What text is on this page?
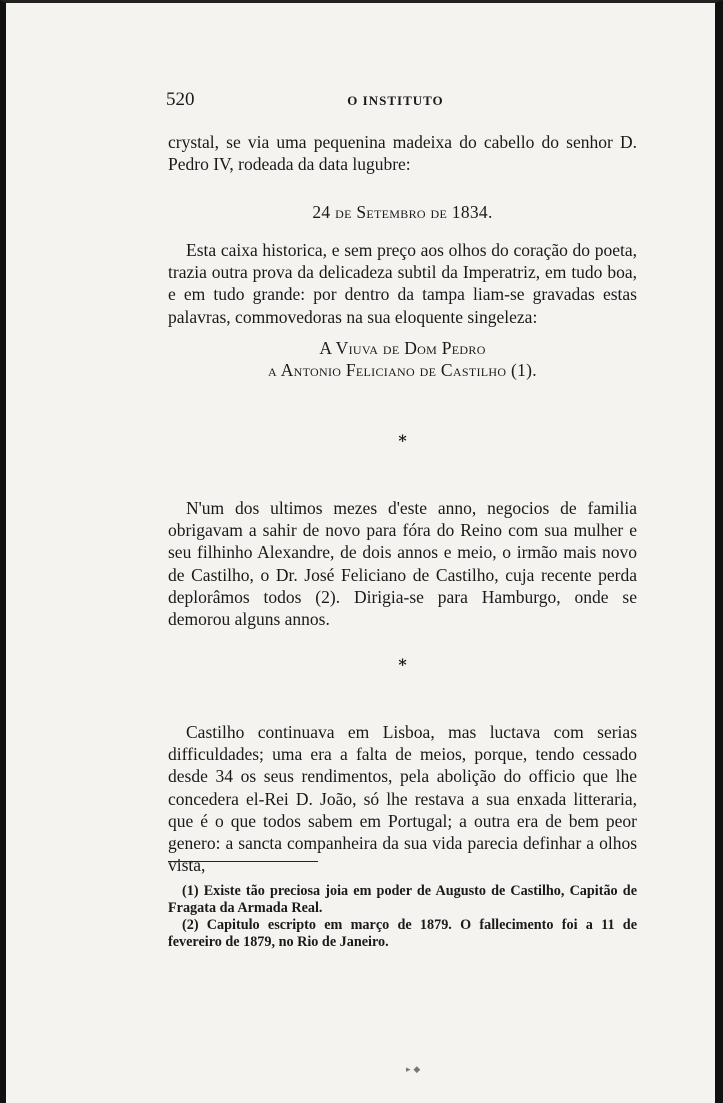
520	O INSTITUTO
crystal, se via uma pequenina madeixa do cabello do senhor D. Pedro IV, rodeada da data lugubre:
24 de Setembro de 1834.
Esta caixa historica, e sem preço aos olhos do coração do poeta, trazia outra prova da delicadeza subtil da Imperatriz, em tudo boa, e em tudo grande: por dentro da tampa liam-se gravadas estas palavras, commovedoras na sua eloquente singeleza:
A Viuva de Dom Pedro
a Antonio Feliciano de Castilho (1).
*
N'um dos ultimos mezes d'este anno, negocios de familia obrigavam a sahir de novo para fóra do Reino com sua mulher e seu filhinho Alexandre, de dois annos e meio, o irmão mais novo de Castilho, o Dr. José Feliciano de Castilho, cuja recente perda deplorâmos todos (2). Dirigia-se para Hamburgo, onde se demorou alguns annos.
*
Castilho continuava em Lisboa, mas luctava com serias difficuldades; uma era a falta de meios, porque, tendo cessado desde 34 os seus rendimentos, pela abolição do officio que lhe concedera el-Rei D. João, só lhe restava a sua enxada litteraria, que é o que todos sabem em Portugal; a outra era de bem peor genero: a sancta companheira da sua vida parecia definhar a olhos vista,
(1) Existe tão preciosa joia em poder de Augusto de Castilho, Capitão de Fragata da Armada Real.
(2) Capitulo escripto em março de 1879. O fallecimento foi a 11 de fevereiro de 1879, no Rio de Janeiro.
▸ ◆
